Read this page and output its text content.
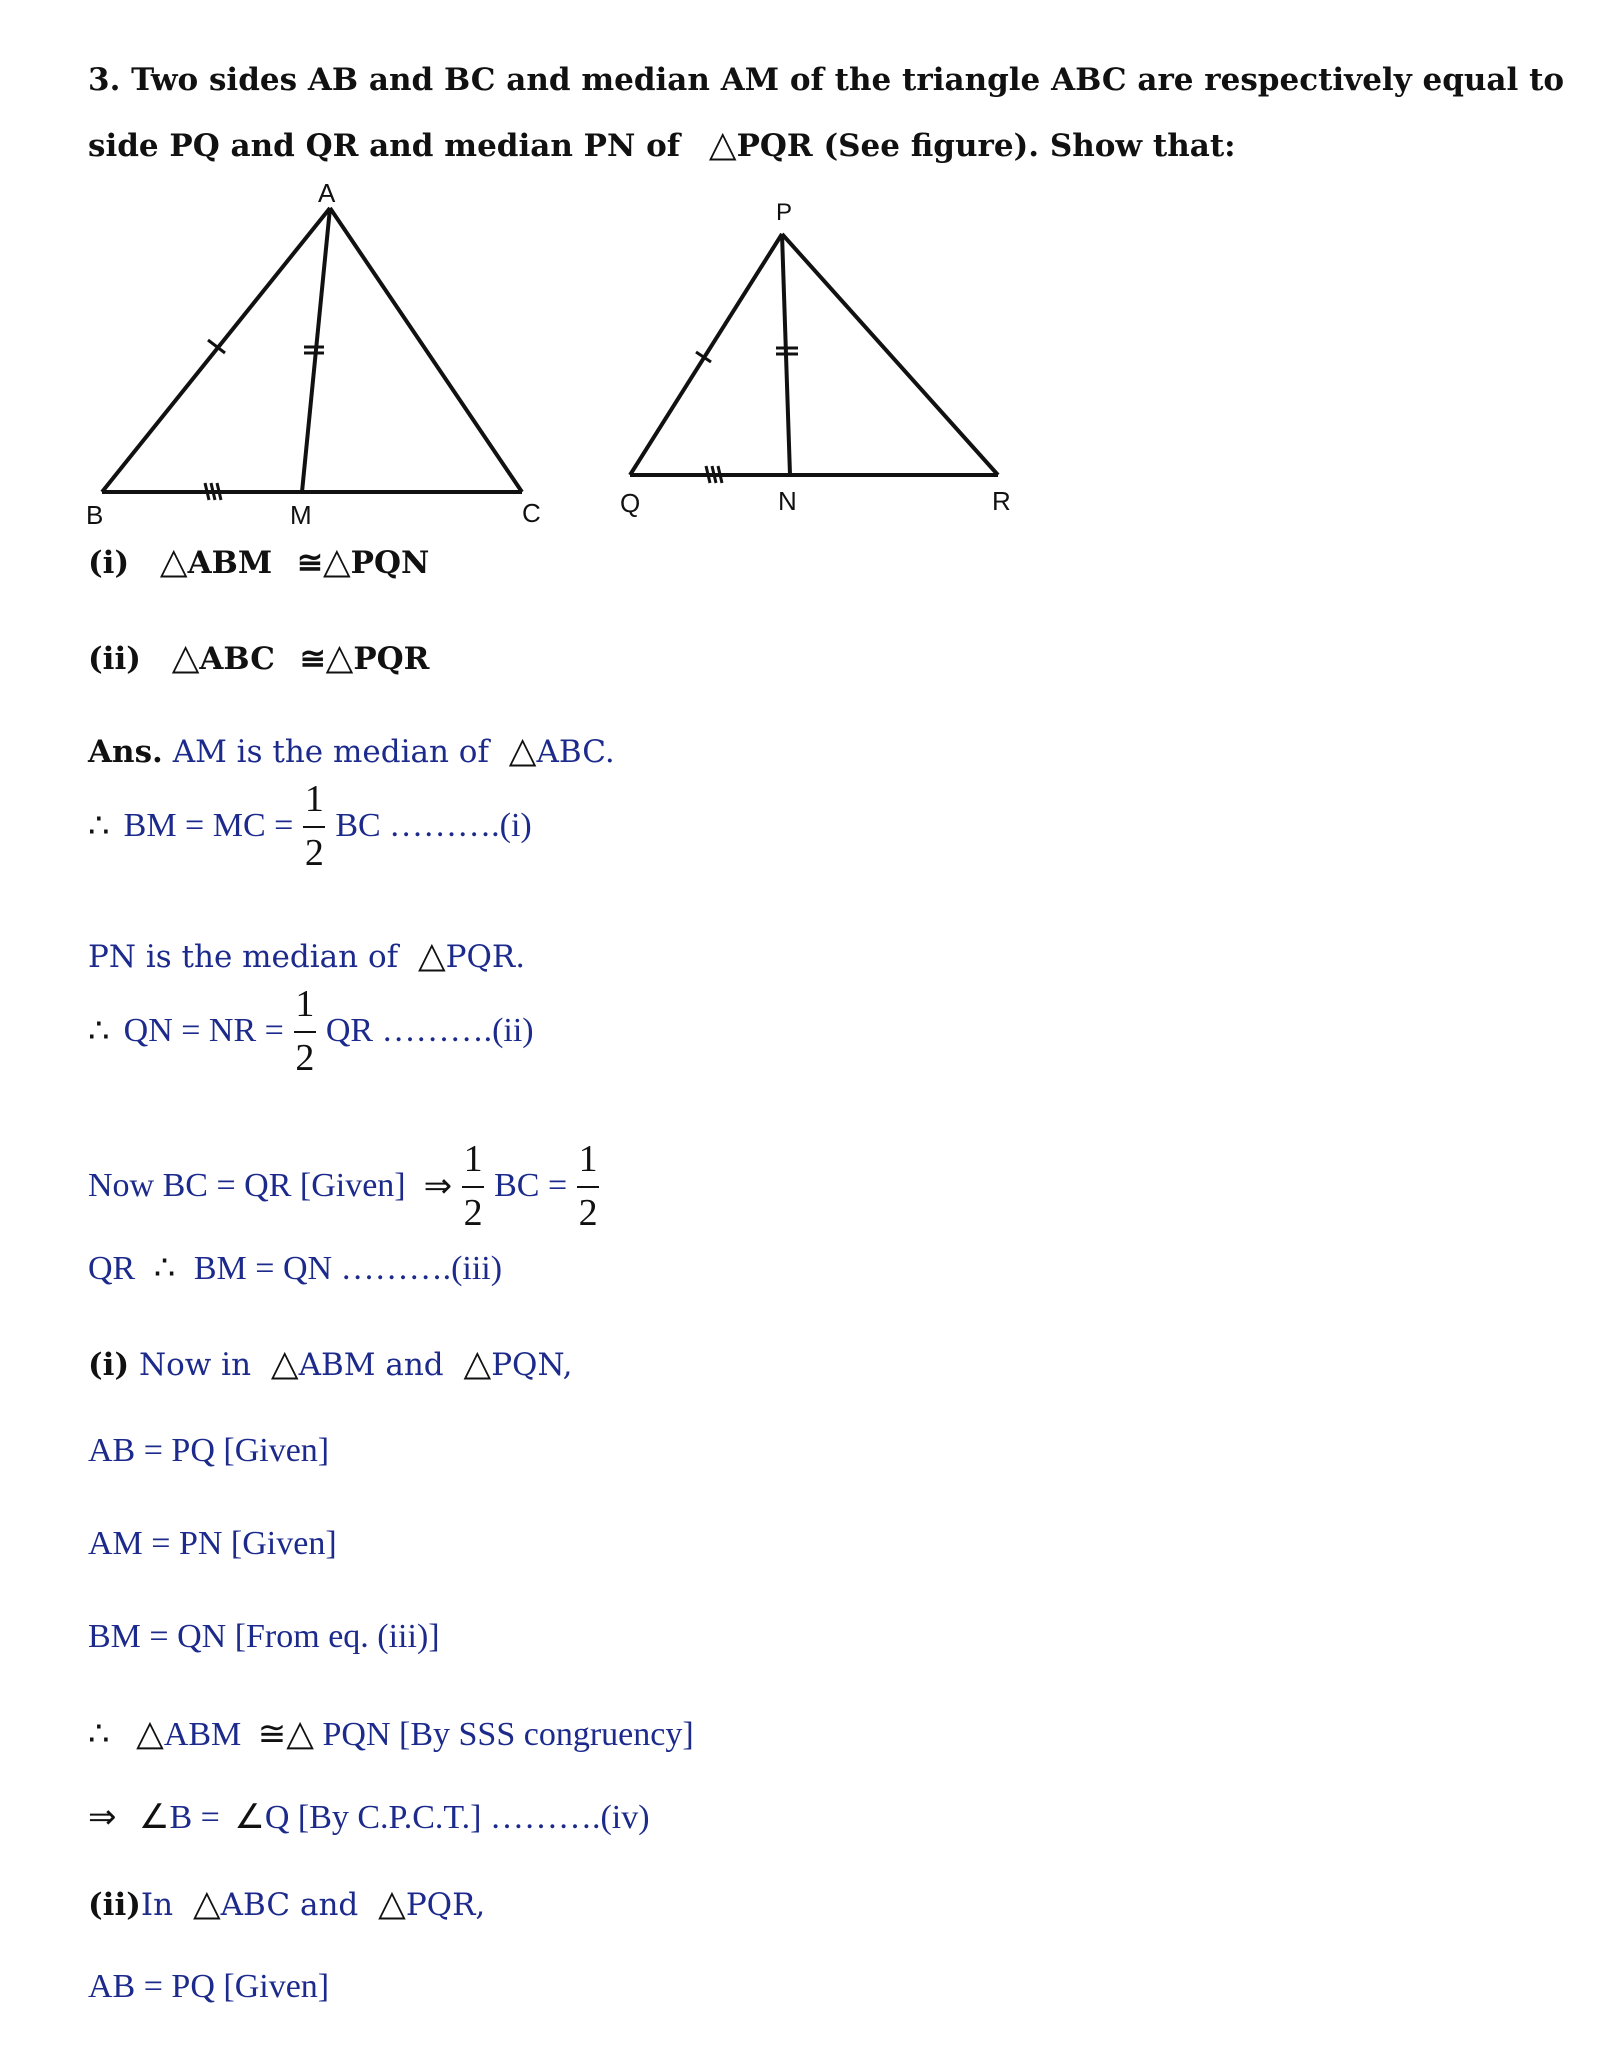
3. Two sides AB and BC and median AM of the triangle ABC are respectively equal to
side PQ and QR and median PN of △PQR (See figure). Show that:
A
B	M	C
P
Q	N	R
(i) △ABM ≅△PQN
(ii) △ABC ≅△PQR
Ans. AM is the median of △ABC.
∴ BM = MC = $\frac{1}{2}$ BC ……….(i)
PN is the median of △PQR.
∴ QN = NR = $\frac{1}{2}$ QR ……….(ii)
Now BC = QR [Given] ⇒ $\frac{1}{2}$ BC = $\frac{1}{2}$
QR ∴ BM = QN ……….(iii)
(i) Now in △ABM and △PQN,
AB = PQ [Given]
AM = PN [Given]
BM = QN [From eq. (iii)]
∴ △ABM ≅△ PQN [By SSS congruency]
⇒ ∠B = ∠Q [By C.P.C.T.] ……….(iv)
(ii)In △ABC and △PQR,
AB = PQ [Given]
